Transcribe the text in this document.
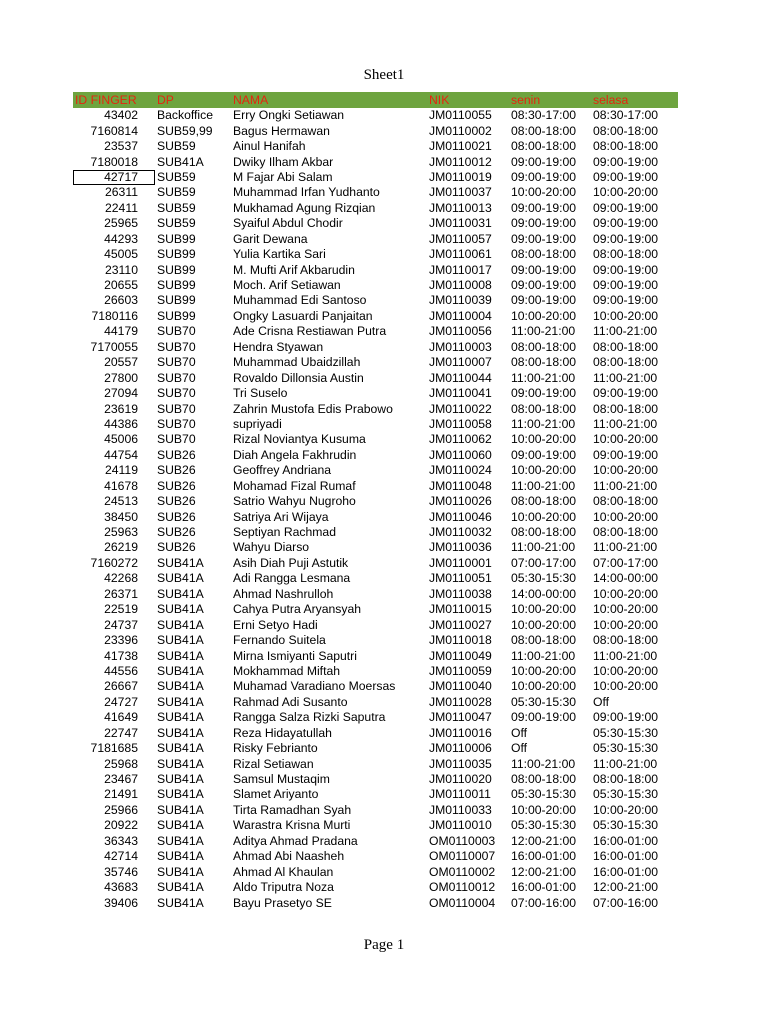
Sheet1
ID FINGER	DP	NAMA	NIK	senin	selasa
43402	Backoffice	Erry Ongki Setiawan	JM0110055	08:30-17:00	08:30-17:00
7160814	SUB59,99	Bagus Hermawan	JM0110002	08:00-18:00	08:00-18:00
23537	SUB59	Ainul Hanifah	JM0110021	08:00-18:00	08:00-18:00
7180018	SUB41A	Dwiky Ilham Akbar	JM0110012	09:00-19:00	09:00-19:00
42717	SUB59	M Fajar Abi Salam	JM0110019	09:00-19:00	09:00-19:00
26311	SUB59	Muhammad Irfan Yudhanto	JM0110037	10:00-20:00	10:00-20:00
22411	SUB59	Mukhamad Agung Rizqian	JM0110013	09:00-19:00	09:00-19:00
25965	SUB59	Syaiful Abdul Chodir	JM0110031	09:00-19:00	09:00-19:00
44293	SUB99	Garit Dewana	JM0110057	09:00-19:00	09:00-19:00
45005	SUB99	Yulia Kartika Sari	JM0110061	08:00-18:00	08:00-18:00
23110	SUB99	M. Mufti Arif Akbarudin	JM0110017	09:00-19:00	09:00-19:00
20655	SUB99	Moch. Arif Setiawan	JM0110008	09:00-19:00	09:00-19:00
26603	SUB99	Muhammad Edi Santoso	JM0110039	09:00-19:00	09:00-19:00
7180116	SUB99	Ongky Lasuardi Panjaitan	JM0110004	10:00-20:00	10:00-20:00
44179	SUB70	Ade Crisna Restiawan Putra	JM0110056	11:00-21:00	11:00-21:00
7170055	SUB70	Hendra Styawan	JM0110003	08:00-18:00	08:00-18:00
20557	SUB70	Muhammad Ubaidzillah	JM0110007	08:00-18:00	08:00-18:00
27800	SUB70	Rovaldo Dillonsia Austin	JM0110044	11:00-21:00	11:00-21:00
27094	SUB70	Tri Suselo	JM0110041	09:00-19:00	09:00-19:00
23619	SUB70	Zahrin Mustofa Edis Prabowo	JM0110022	08:00-18:00	08:00-18:00
44386	SUB70	supriyadi	JM0110058	11:00-21:00	11:00-21:00
45006	SUB70	Rizal Noviantya Kusuma	JM0110062	10:00-20:00	10:00-20:00
44754	SUB26	Diah Angela Fakhrudin	JM0110060	09:00-19:00	09:00-19:00
24119	SUB26	Geoffrey Andriana	JM0110024	10:00-20:00	10:00-20:00
41678	SUB26	Mohamad Fizal Rumaf	JM0110048	11:00-21:00	11:00-21:00
24513	SUB26	Satrio Wahyu Nugroho	JM0110026	08:00-18:00	08:00-18:00
38450	SUB26	Satriya Ari Wijaya	JM0110046	10:00-20:00	10:00-20:00
25963	SUB26	Septiyan Rachmad	JM0110032	08:00-18:00	08:00-18:00
26219	SUB26	Wahyu Diarso	JM0110036	11:00-21:00	11:00-21:00
7160272	SUB41A	Asih Diah Puji Astutik	JM0110001	07:00-17:00	07:00-17:00
42268	SUB41A	Adi Rangga Lesmana	JM0110051	05:30-15:30	14:00-00:00
26371	SUB41A	Ahmad Nashrulloh	JM0110038	14:00-00:00	10:00-20:00
22519	SUB41A	Cahya Putra Aryansyah	JM0110015	10:00-20:00	10:00-20:00
24737	SUB41A	Erni Setyo Hadi	JM0110027	10:00-20:00	10:00-20:00
23396	SUB41A	Fernando Suitela	JM0110018	08:00-18:00	08:00-18:00
41738	SUB41A	Mirna Ismiyanti Saputri	JM0110049	11:00-21:00	11:00-21:00
44556	SUB41A	Mokhammad Miftah	JM0110059	10:00-20:00	10:00-20:00
26667	SUB41A	Muhamad Varadiano Moersas	JM0110040	10:00-20:00	10:00-20:00
24727	SUB41A	Rahmad Adi Susanto	JM0110028	05:30-15:30	Off
41649	SUB41A	Rangga Salza Rizki Saputra	JM0110047	09:00-19:00	09:00-19:00
22747	SUB41A	Reza Hidayatullah	JM0110016	Off	05:30-15:30
7181685	SUB41A	Risky Febrianto	JM0110006	Off	05:30-15:30
25968	SUB41A	Rizal Setiawan	JM0110035	11:00-21:00	11:00-21:00
23467	SUB41A	Samsul Mustaqim	JM0110020	08:00-18:00	08:00-18:00
21491	SUB41A	Slamet Ariyanto	JM0110011	05:30-15:30	05:30-15:30
25966	SUB41A	Tirta Ramadhan Syah	JM0110033	10:00-20:00	10:00-20:00
20922	SUB41A	Warastra Krisna Murti	JM0110010	05:30-15:30	05:30-15:30
36343	SUB41A	Aditya Ahmad Pradana	OM0110003	12:00-21:00	16:00-01:00
42714	SUB41A	Ahmad Abi Naasheh	OM0110007	16:00-01:00	16:00-01:00
35746	SUB41A	Ahmad Al Khaulan	OM0110002	12:00-21:00	16:00-01:00
43683	SUB41A	Aldo Triputra Noza	OM0110012	16:00-01:00	12:00-21:00
39406	SUB41A	Bayu Prasetyo SE	OM0110004	07:00-16:00	07:00-16:00
Page 1
